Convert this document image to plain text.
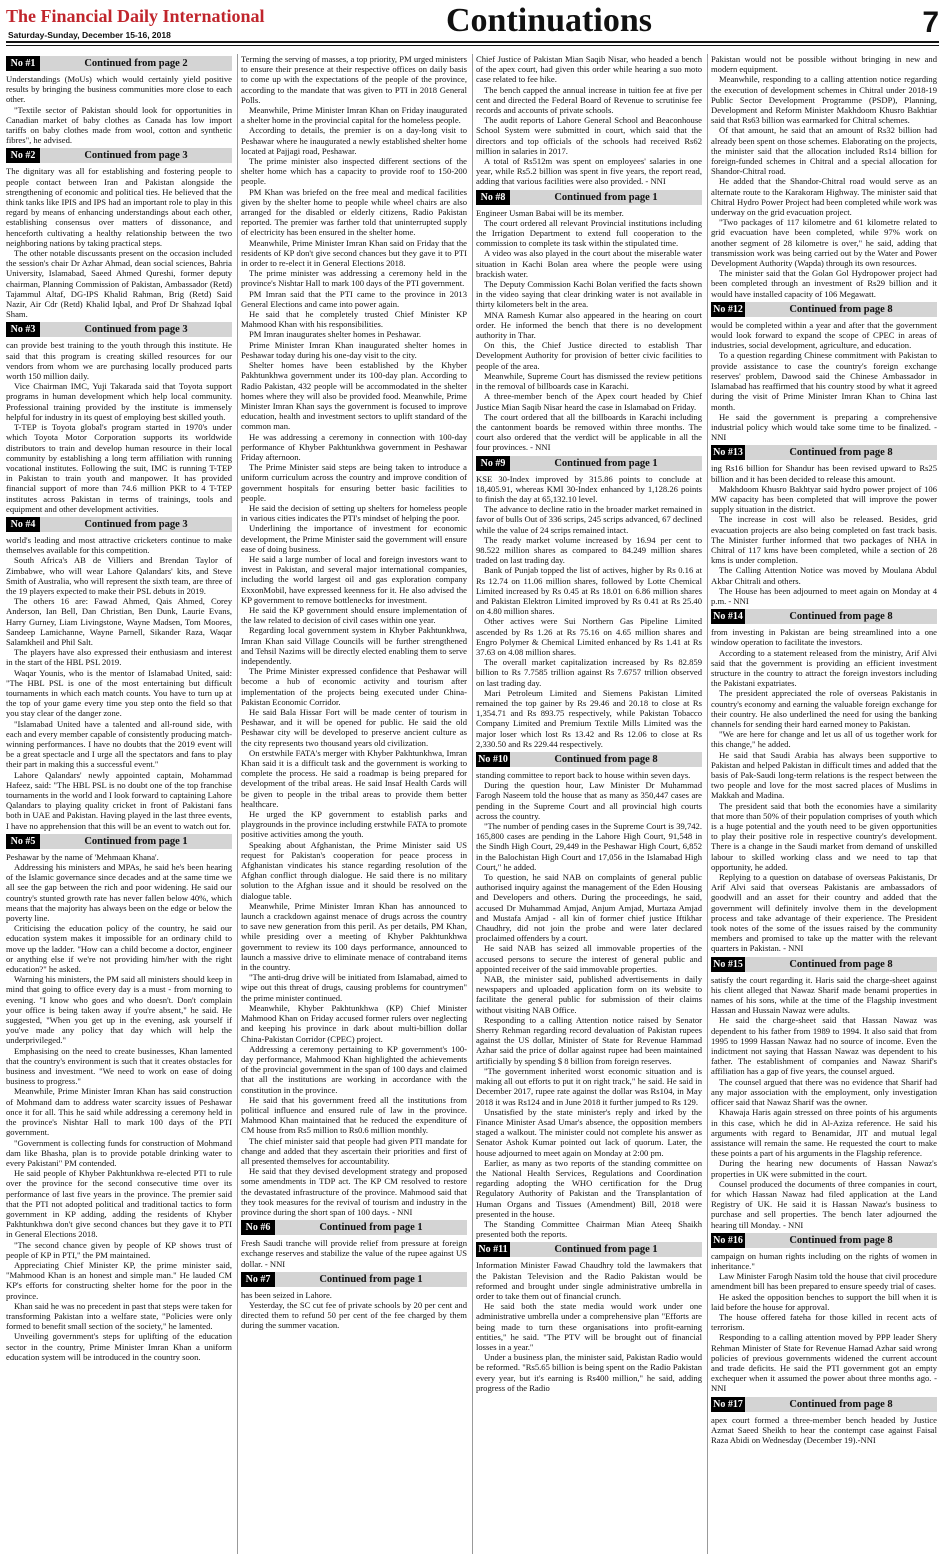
The Financial Daily International
Saturday-Sunday, December 15-16, 2018	Continuations	7
No #1	Continued from page 2

Understandings (MoUs) which would certainly yield positive results by bringing the business communities more close to each other.

"Textile sector of Pakistan should look for opportunities in Canadian market of baby clothes as Canada has low import tariffs on baby clothes made from wool, cotton and synthetic fibres", he advised.

No #2	Continued from page 3

The dignitary was all for establishing and fostering people to people contact between Iran and Pakistan alongside the strengthening of economic and political ties. He believed that the think tanks like IPIS and IPS had an important role to play in this regard by means of enhancing understandings about each other, establishing consensus over matters of dissonance, and henceforth cultivating a healthy relationship between the two neighboring nations by taking practical steps.

The other notable discussants present on the occasion included the session's chair Dr Azhar Ahmad, dean social sciences, Bahria University, Islamabad, Saeed Ahmed Qureshi, former deputy chairman, Planning Commission of Pakistan, Ambassador (Retd) Tajammul Altaf, DG-IPS Khalid Rahman, Brig (Retd) Said Nazir, Air Cdr (Retd) Khalid Iqbal, and Prof Dr Shahzad Iqbal Sham.

No #3	Continued from page 3

can provide best training to the youth through this institute. He said that this program is creating skilled resources for our vendors from whom we are purchasing locally produced parts worth 150 million daily.

Vice Chairman IMC, Yuji Takarada said that Toyota support programs in human development which help local community. Professional training provided by the institute is immensely helpful for industry in its quest of employing best skilled youth.

T-TEP is Toyota global's program started in 1970's under which Toyota Motor Corporation supports its worldwide distributors to train and develop human resource in their local community by establishing a long term affiliation with running vocational institutes. Following the suit, IMC is running T-TEP in Pakistan to train youth and manpower. It has provided financial support of more than 74.6 million PKR to 4 T-TEP institutes across Pakistan in terms of trainings, tools and equipment and other development activities.

No #4	Continued from page 3

world's leading and most attractive cricketers continue to make themselves available for this competition.

South Africa's AB de Villiers and Brendan Taylor of Zimbabwe, who will wear Lahore Qalandars' kits, and Steve Smith of Australia, who will represent the sixth team, are three of the 19 players expected to make their PSL debuts in 2019.

The others 16 are: Fawad Ahmed, Qais Ahmed, Corey Anderson, Ian Bell, Dan Christian, Ben Dunk, Laurie Evans, Harry Gurney, Liam Livingstone, Wayne Madsen, Tom Moores, Sandeep Lamichanne, Wayne Parnell, Sikander Raza, Waqar Salamkheil and Phil Salt.

The players have also expressed their enthusiasm and interest in the start of the HBL PSL 2019.

Waqar Younis, who is the mentor of Islamabad United, said: "The HBL PSL is one of the most entertaining but difficult tournaments in which each match counts. You have to turn up at the top of your game every time you step onto the field so that you stay clear of the danger zone.

"Islamabad United have a talented and all-round side, with each and every member capable of consistently producing match-winning performances. I have no doubts that the 2019 event will be a great spectacle and I urge all the spectators and fans to play their part in making this a successful event."

Lahore Qalandars' newly appointed captain, Mohammad Hafeez, said: "The HBL PSL is no doubt one of the top franchise tournaments in the world and I look forward to captaining Lahore Qalandars to playing quality cricket in front of Pakistani fans both in UAE and Pakistan. Having played in the last three events, I have no apprehension that this will be an event to watch out for.

No #5	Continued from page 1

Peshawar by the name of 'Mehmaan Khana'.

Addressing his ministers and MPAs, he said he's been hearing of the Islamic governance since decades and at the same time we all see the gap between the rich and poor widening. He said our country's stunted growth rate has never fallen below 40%, which means that the majority has always been on the edge or below the poverty line.

Criticising the education policy of the country, he said our education system makes it impossible for an ordinary child to move up the ladder. "How can a child become a doctor, engineer or anything else if we're not providing him/her with the right education?" he asked.

Warning his ministers, the PM said all ministers should keep in mind that going to office every day is a must - from morning to evening. "I know who goes and who doesn't. Don't complain your office is being taken away if you're absent," he said. He suggested, "When you get up in the evening, ask yourself if you've made any policy that day which will help the underprivileged."

Emphasising on the need to create businesses, Khan lamented that the country's environment is such that it creates obstacles for business and investment. "We need to work on ease of doing business to progress."

Meanwhile, Prime Minister Imran Khan has said construction of Mohmand dam to address water scarcity issues of Peshawar once it for all. This he said while addressing a ceremony held in the province's Nishtar Hall to mark 100 days of the PTI government.

"Government is collecting funds for construction of Mohmand dam like Bhasha, plan is to provide potable drinking water to every Pakistani" PM contended.

He said people of Khyber Pakhtunkhwa re-elected PTI to rule over the province for the second consecutive time over its performance of last five years in the province. The premier said that the PTI not adopted political and traditional tactics to form government in KP adding, adding the residents of Khyber Pakhtunkhwa don't give second chances but they gave it to PTI in General Elections 2018.

"The second chance given by people of KP shows trust of people of KP in PTI," the PM maintained.

Appreciating Chief Minister KP, the prime minister said, "Mahmood Khan is an honest and simple man." He lauded CM KP's efforts for constructing shelter home for the poor in the province.

Khan said he was no precedent in past that steps were taken for transforming Pakistan into a welfare state, "Policies were only formed to benefit small section of the society," he lamented.

Unveiling government's steps for uplifting of the education sector in the country, Prime Minister Imran Khan a uniform education system will be introduced in the country soon.

Terming the serving of masses, a top priority, PM urged ministers to ensure their presence at their respective offices on daily basis to come up with the expectations of the people of the province, according to the mandate that was given to PTI in 2018 General Polls.

Meanwhile, Prime Minister Imran Khan on Friday inaugurated a shelter home in the provincial capital for the homeless people.

According to details, the premier is on a day-long visit to Peshawar where he inaugurated a newly established shelter home located at Pajjagi road, Peshawar.

The prime minister also inspected different sections of the shelter home which has a capacity to provide roof to 150-200 people.

PM Khan was briefed on the free meal and medical facilities given by the shelter home to people while wheel chairs are also arranged for the disabled or elderly citizens, Radio Pakistan reported. The premier was farther told that uninterrupted supply of electricity has been ensured in the shelter home.

Meanwhile, Prime Minister Imran Khan said on Friday that the residents of KP don't give second chances but they gave it to PTI in order to re-elect it in General Elections 2018.

The prime minister was addressing a ceremony held in the province's Nishtar Hall to mark 100 days of the PTI government.

PM Imran said that the PTI came to the province in 2013 General Elections and came into power again.

He said that he completely trusted Chief Minister KP Mahmood Khan with his responsibilities.

PM Imran inaugurates shelter homes in Peshawar.

Prime Minister Imran Khan inaugurated shelter homes in Peshawar today during his one-day visit to the city.

Shelter homes have been established by the Khyber Pakhtunkhwa government under its 100-day plan. According to Radio Pakistan, 432 people will be accommodated in the shelter homes where they will also be provided food. Meanwhile, Prime Minister Imran Khan says the government is focused to improve education, health and investment sectors to uplift standard of the common man.

He was addressing a ceremony in connection with 100-day performance of Khyber Pakhtunkhwa government in Peshawar Friday afternoon.

The Prime Minister said steps are being taken to introduce a uniform curriculum across the country and improve condition of government hospitals for ensuring better basic facilities to people.

He said the decision of setting up shelters for homeless people in various cities indicates the PTI's mindset of helping the poor.

Underlining the importance of investment for economic development, the Prime Minister said the government will ensure ease of doing business.

He said a large number of local and foreign investors want to invest in Pakistan, and several major international companies, including the world largest oil and gas exploration company ExxonMobil, have expressed keenness for it. He also advised the KP government to remove bottlenecks for investment.

He said the KP government should ensure implementation of the law related to decision of civil cases within one year.

Regarding local government system in Khyber Pakhtunkhwa, Imran Khan said Village Councils will be further strengthened and Tehsil Nazims will be directly elected enabling them to serve independently.

The Prime Minister expressed confidence that Peshawar will become a hub of economic activity and tourism after implementation of the projects being executed under China-Pakistan Economic Corridor.

He said Bala Hissar Fort will be made center of tourism in Peshawar, and it will be opened for public. He said the old Peshawar city will be developed to preserve ancient culture as the city represents two thousand years old civilization.

On erstwhile FATA's merger with Khyber Pakhtunkhwa, Imran Khan said it is a difficult task and the government is working to complete the process. He said a roadmap is being prepared for development of the tribal areas. He said Insaf Health Cards will be given to people in the tribal areas to provide them better healthcare.

He urged the KP government to establish parks and playgrounds in the province including erstwhile FATA to promote positive activities among the youth.

Speaking about Afghanistan, the Prime Minister said US request for Pakistan's cooperation for peace process in Afghanistan vindicates his stance regarding resolution of the Afghan conflict through dialogue. He said there is no military solution to the Afghan issue and it should be resolved on the dialogue table.

Meanwhile, Prime Minister Imran Khan has announced to launch a crackdown against menace of drugs across the country to save new generation from this peril. As per details, PM Khan, while presiding over a meeting of Khyber Pakhtunkhwa government to review its 100 days performance, announced to launch a massive drive to eliminate menace of contraband items in the country.

"The anti-drug drive will be initiated from Islamabad, aimed to wipe out this threat of drugs, causing problems for countrymen" the prime minister continued.

Meanwhile, Khyber Pakhtunkhwa (KP) Chief Minister Mahmood Khan on Friday accused former rulers over neglecting and keeping his province in dark about multi-billion dollar China-Pakistan Corridor (CPEC) project.

Addressing a ceremony pertaining to KP government's 100-day performance, Mahmood Khan highlighted the achievements of the provincial government in the span of 100 days and claimed that all the institutions are working in accordance with the constitution in the province.

He said that his government freed all the institutions from political influence and ensured rule of law in the province. Mahmood Khan maintained that he reduced the expenditure of CM house from Rs5 million to Rs0.6 million monthly.

The chief minister said that people had given PTI mandate for change and added that they ascertain their priorities and first of all presented themselves for accountability.

He said that they devised development strategy and proposed some amendments in TDP act. The KP CM resolved to restore the devastated infrastructure of the province. Mahmood said that they took measures for the revival of tourism and industry in the province during the short span of 100 days. - NNI

No #6	Continued from page 1

Fresh Saudi tranche will provide relief from pressure at foreign exchange reserves and stabilize the value of the rupee against US dollar. - NNI

No #7	Continued from page 1

has been seized in Lahore.

Yesterday, the SC cut fee of private schools by 20 per cent and directed them to refund 50 per cent of the fee charged by them during the summer vacation.

Chief Justice of Pakistan Mian Saqib Nisar, who headed a bench of the apex court, had given this order while hearing a suo moto case related to fee hike.

The bench capped the annual increase in tuition fee at five per cent and directed the Federal Board of Revenue to scrutinise fee records and accounts of private schools.

The audit reports of Lahore General School and Beaconhouse School System were submitted in court, which said that the directors and top officials of the schools had received Rs62 million in salaries in 2017.

A total of Rs512m was spent on employees' salaries in one year, while Rs5.2 billion was spent in five years, the report read, adding that various facilities were also provided. - NNI

No #8	Continued from page 1

Engineer Usman Babai will be its member.

The court ordered all relevant Provincial institutions including the Irrigation Department to extend full cooperation to the commission to complete its task within the stipulated time.

A video was also played in the court about the miserable water situation in Kachi Bolan area where the people were using brackish water.

The Deputy Commission Kachi Bolan verified the facts shown in the video saying that clear drinking water is not available in thirty kilometers belt in the area.

MNA Ramesh Kumar also appeared in the hearing on court order. He informed the bench that there is no development authority in Thar.

On this, the Chief Justice directed to establish Thar Development Authority for provision of better civic facilities to people of the area.

Meanwhile, Supreme Court has dismissed the review petitions in the removal of billboards case in Karachi.

A three-member bench of the Apex court headed by Chief Justice Mian Saqib Nisar heard the case in Islamabad on Friday.

The court ordered that all the billboards in Karachi including the cantonment boards be removed within three months. The court also ordered that the verdict will be applicable in all the four provinces. - NNI

No #9	Continued from page 1

KSE 30-Index improved by 315.86 points to conclude at 18,405.91, whereas KMI 30-Index enhanced by 1,128.26 points to finish the day at 65,132.10 level.

The advance to decline ratio in the broader market remained in favor of bulls Out of 336 scrips, 245 scrips advanced, 67 declined while the value of 24 scrips remained intact.

The ready market volume increased by 16.94 per cent to 98.522 million shares as compared to 84.249 million shares traded on last trading day.

Bank of Punjab topped the list of actives, higher by Rs 0.16 at Rs 12.74 on 11.06 million shares, followed by Lotte Chemical Limited increased by Rs 0.45 at Rs 18.01 on 6.86 million shares and Pakistan Elektron Limited improved by Rs 0.41 at Rs 25.40 on 4.80 million shares.

Other actives were Sui Northern Gas Pipeline Limited ascended by Rs 1.26 at Rs 75.16 on 4.65 million shares and Engro Polymer & Chemical Limited enhanced by Rs 1.41 at Rs 37.63 on 4.08 million shares.

The overall market capitalization increased by Rs 82.859 billion to Rs 7.7585 trillion against Rs 7.6757 trillion observed on last trading day.

Mari Petroleum Limited and Siemens Pakistan Limited remained the top gainer by Rs 29.46 and 20.18 to close at Rs 1,354.71 and Rs 893.75 respectively, while Pakistan Tobacco Company Limited and Premium Textile Mills Limited was the major loser which lost Rs 13.42 and Rs 12.06 to close at Rs 2,330.50 and Rs 229.44 respectively.

No #10	Continued from page 8

standing committee to report back to house within seven days.

During the question hour, Law Minister Dr Muhammad Farogh Naseem told the house that as many as 350,447 cases are pending in the Supreme Court and all provincial high courts across the country.

"The number of pending cases in the Supreme Court is 39,742. 165,800 cases are pending in the Lahore High Court, 91,548 in the Sindh High Court, 29,449 in the Peshawar High Court, 6,852 in the Balochistan High Court and 17,056 in the Islamabad High Court," he added.

To question, he said NAB on complaints of general public authorised inquiry against the management of the Eden Housing and Developers and others. During the proceedings, he said, accused Dr Muhammad Amjad, Anjum Amjad, Murtaza Amjad and Mustafa Amjad - all kin of former chief justice Iftikhar Chaudhry, did not join the probe and were later declared proclaimed offenders by a court.

He said NAB has seized all immovable properties of the accused persons to secure the interest of general public and appointed receiver of the said immovable properties.

NAB, the minister said, published advertisements in daily newspapers and uploaded application form on its website to facilitate the general public for submission of their claims without visiting NAB Office.

Responding to a calling Attention notice raised by Senator Sherry Rehman regarding record devaluation of Pakistan rupees against the US dollar, Minister of State for Revenue Hammad Azhar said the price of dollar against rupee had been maintained artificially by spending $ 8 billion from foreign reserves.

"The government inherited worst economic situation and is making all out efforts to put it on right track," he said. He said in December 2017, rupee rate against the dollar was Rs104, in May 2018 it was Rs124 and in June 2018 it further jumped to Rs 129.

Unsatisfied by the state minister's reply and irked by the Finance Minister Asad Umar's absence, the opposition members staged a walkout. The minister could not complete his answer as Senator Ashok Kumar pointed out lack of quorum. Later, the house adjourned to meet again on Monday at 2:00 pm.

Earlier, as many as two reports of the standing committee on the National Health Services, Regulations and Coordination regarding adopting the WHO certification for the Drug Regulatory Authority of Pakistan and the Transplantation of Human Organs and Tissues (Amendment) Bill, 2018 were presented in the house.

The Standing Committee Chairman Mian Ateeq Shaikh presented both the reports.

No #11	Continued from page 1

Information Minister Fawad Chaudhry told the lawmakers that the Pakistan Television and the Radio Pakistan would be reformed and brought under single administrative umbrella in order to take them out of financial crunch.

He said both the state media would work under one administrative umbrella under a comprehensive plan "Efforts are being made to turn these organisations into profit-earning entities," he said. "The PTV will be brought out of financial losses in a year."

Under a business plan, the minister said, Pakistan Radio would be reformed. "Rs5.65 billion is being spent on the Radio Pakistan every year, but it's earning is Rs400 million," he said, adding progress of the Radio

Pakistan would not be possible without bringing in new and modern equipment.

Meanwhile, responding to a calling attention notice regarding the execution of development schemes in Chitral under 2018-19 Public Sector Development Programme (PSDP), Planning, Development and Reform Minister Makhdoom Khusro Bakhtiar said that Rs63 billion was earmarked for Chitral schemes.

Of that amount, he said that an amount of Rs32 billion had already been spent on those schemes. Elaborating on the projects, the minister said that the allocation included Rs14 billion for foreign-funded schemes in Chitral and a special allocation for Shandor-Chitral road.

He added that the Shandor-Chitral road would serve as an alternate route to the Karakoram Highway. The minister said that Chitral Hydro Power Project had been completed while work was underway on the grid evacuation project.

"Two packages of 117 kilometre and 61 kilometre related to grid evacuation have been completed, while 97% work on another segment of 28 kilometre is over," he said, adding that transmission work was being carried out by the Water and Power Development Authority (Wapda) through its own resources.

The minister said that the Golan Gol Hydropower project had been completed through an investment of Rs29 billion and it would have installed capacity of 106 Megawatt.

No #12	Continued from page 8

would be completed within a year and after that the government would look forward to expand the scope of CPEC in areas of industries, social development, agriculture, and education.

To a question regarding Chinese commitment with Pakistan to provide assistance to case the country's foreign exchange reserves' problem, Dawood said the Chinese Ambassador in Islamabad has reaffirmed that his country stood by what it agreed during the visit of Prime Minister Imran Khan to China last month.

He said the government is preparing a comprehensive industrial policy which would take some time to be finalized. - NNI

No #13	Continued from page 8

ing Rs16 billion for Shandur has been revised upward to Rs25 billion and it has been decided to release this amount.

Makhdoom Khusro Bakhtyar said hydro power project of 106 MW capacity has been completed that will improve the power supply situation in the district.

The increase in cost will also be released. Besides, grid evacuation projects are also being completed on fast track basis. The Minister further informed that two packages of NHA in Chitral of 117 kms have been completed, while a section of 28 kms is under completion.

The Calling Attention Notice was moved by Moulana Abdul Akbar Chitrali and others.

The House has been adjourned to meet again on Monday at 4 p.m. - NNI

No #14	Continued from page 8

from investing in Pakistan are being streamlined into a one window operation to facilitate the investors.

According to a statement released from the ministry, Arif Alvi said that the government is providing an efficient investment structure in the country to attract the foreign investors including the Pakistani expatriates.

The president appreciated the role of overseas Pakistanis in country's economy and earning the valuable foreign exchange for their country. He also underlined the need for using the banking channels for sending their hard earned money to Pakistan.

"We are here for change and let us all of us together work for this change," he added.

He said that Saudi Arabia has always been supportive to Pakistan and helped Pakistan in difficult times and added that the basis of Pak-Saudi long-term relations is the respect between the two people and love for the most sacred places of Muslims in Makkah and Madina.

The president said that both the economies have a similarity that more than 50% of their population comprises of youth which is a huge potential and the youth need to be given opportunities to play their positive role in respective country's development. There is a change in the Saudi market from demand of unskilled labour to skilled working class and we need to tap that opportunity, he added.

Replying to a question on database of overseas Pakistanis, Dr Arif Alvi said that overseas Pakistanis are ambassadors of goodwill and an asset for their country and added that the government will definitely involve them in the development process and take advantage of their experience. The President took notes of the some of the issues raised by the community members and promised to take up the matter with the relevant quarters in Pakistan. - NNI

No #15	Continued from page 8

satisfy the court regarding it. Haris said the charge-sheet against his client alleged that Nawaz Sharif made benami properties in names of his sons, while at the time of the Flagship investment Hassan and Hussain Nawaz were adults.

He said the charge-sheet said that Hassan Nawaz was dependent to his father from 1989 to 1994. It also said that from 1995 to 1999 Hassan Nawaz had no source of income. Even the indictment not saying that Hassan Nawaz was dependent to his father. The establishment of companies and Nawaz Sharif's affiliation has a gap of five years, the counsel argued.

The counsel argued that there was no evidence that Sharif had any major association with the employment, only investigation officer said that Nawaz Sharif was the owner.

Khawaja Haris again stressed on three points of his arguments in this case, which he did in Al-Aziza reference. He said his arguments with regard to Benamidar, JIT and mutual legal assistance will remain the same. He requested the court to make these points a part of his arguments in the Flagship reference.

During the hearing new documents of Hassan Nawaz's properties in UK were submitted in the court.

Counsel produced the documents of three companies in court, for which Hassan Nawaz had filed application at the Land Registry of UK. He said it is Hassan Nawaz's business to purchase and sell properties. The bench later adjourned the hearing till Monday. - NNI

No #16	Continued from page 8

campaign on human rights including on the rights of women in inheritance."

Law Minister Farogh Nasim told the house that civil procedure amendment bill has been prepared to ensure speedy trial of cases.

He asked the opposition benches to support the bill when it is laid before the house for approval.

The house offered fateha for those killed in recent acts of terrorism.

Responding to a calling attention moved by PPP leader Shery Rehman Minister of State for Revenue Hamad Azhar said wrong policies of previous governments widened the current account and trade deficits. He said the PTI government got an empty exchequer when it assumed the power about three months ago. - NNI

No #17	Continued from page 8

apex court formed a three-member bench headed by Justice Azmat Saeed Sheikh to hear the contempt case against Faisal Raza Abidi on Wednesday (December 19).-NNI
